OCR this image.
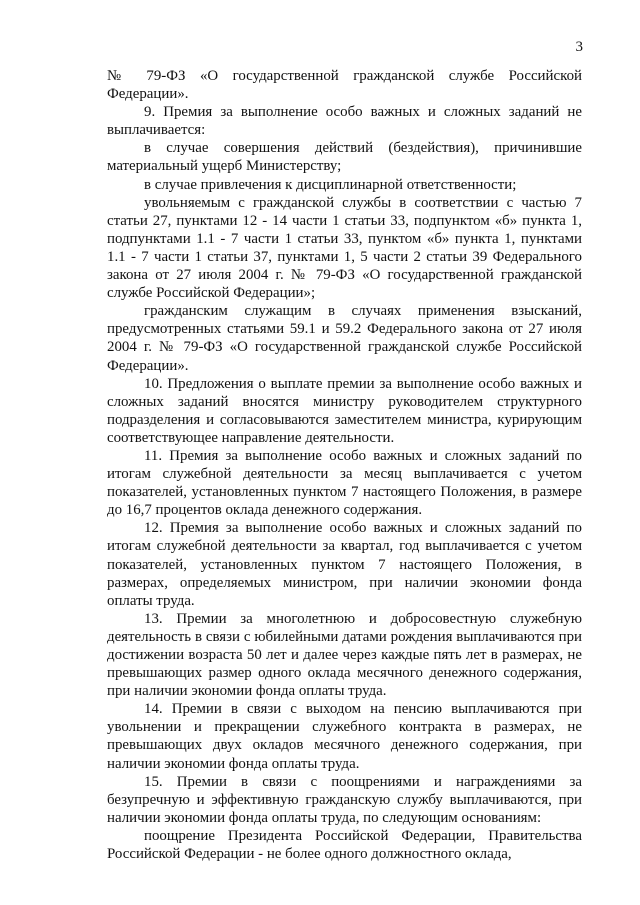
3

№ 79-ФЗ «О государственной гражданской службе Российской Федерации».

9. Премия за выполнение особо важных и сложных заданий не выплачивается:

в случае совершения действий (бездействия), причинившие материальный ущерб Министерству;

в случае привлечения к дисциплинарной ответственности;

увольняемым с гражданской службы в соответствии с частью 7 статьи 27, пунктами 12 - 14 части 1 статьи 33, подпунктом «б» пункта 1, подпунктами 1.1 - 7 части 1 статьи 33, пунктом «б» пункта 1, пунктами 1.1 - 7 части 1 статьи 37, пунктами 1, 5 части 2 статьи 39 Федерального закона от 27 июля 2004 г. № 79-ФЗ «О государственной гражданской службе Российской Федерации»;

гражданским служащим в случаях применения взысканий, предусмотренных статьями 59.1 и 59.2 Федерального закона от 27 июля 2004 г. № 79-ФЗ «О государственной гражданской службе Российской Федерации».

10. Предложения о выплате премии за выполнение особо важных и сложных заданий вносятся министру руководителем структурного подразделения и согласовываются заместителем министра, курирующим соответствующее направление деятельности.

11. Премия за выполнение особо важных и сложных заданий по итогам служебной деятельности за месяц выплачивается с учетом показателей, установленных пунктом 7 настоящего Положения, в размере до 16,7 процентов оклада денежного содержания.

12. Премия за выполнение особо важных и сложных заданий по итогам служебной деятельности за квартал, год выплачивается с учетом показателей, установленных пунктом 7 настоящего Положения, в размерах, определяемых министром, при наличии экономии фонда оплаты труда.

13. Премии за многолетнюю и добросовестную служебную деятельность в связи с юбилейными датами рождения выплачиваются при достижении возраста 50 лет и далее через каждые пять лет в размерах, не превышающих размер одного оклада месячного денежного содержания, при наличии экономии фонда оплаты труда.

14. Премии в связи с выходом на пенсию выплачиваются при увольнении и прекращении служебного контракта в размерах, не превышающих двух окладов месячного денежного содержания, при наличии экономии фонда оплаты труда.

15. Премии в связи с поощрениями и награждениями за безупречную и эффективную гражданскую службу выплачиваются, при наличии экономии фонда оплаты труда, по следующим основаниям:

поощрение Президента Российской Федерации, Правительства Российской Федерации - не более одного должностного оклада,
